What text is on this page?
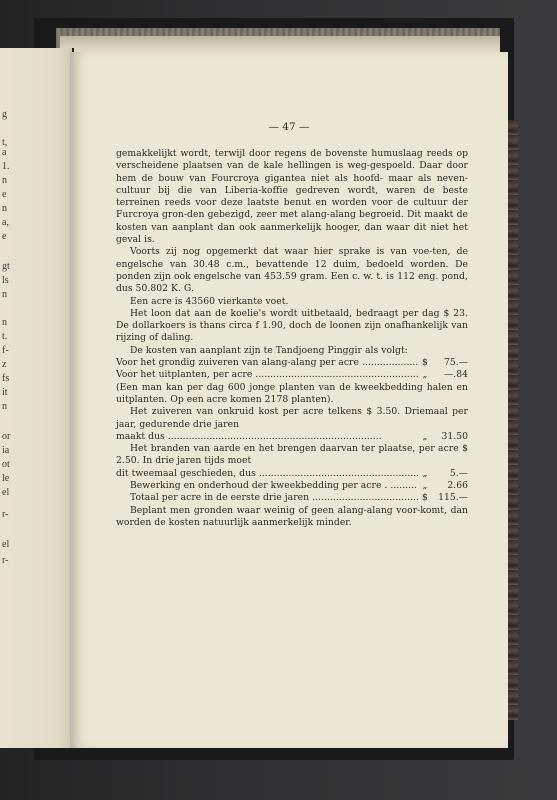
g
t,
a
1.
n
e
n
a,
e
gt
ls
n
n
t.
f-
z
fs
it
n
or
ia
ot
le
el
r-
el
r-
— 47 —

gemakkelijkt wordt, terwijl door regens de bovenste humuslaag reeds op verscheidene plaatsen van de kale hellingen is weg-gespoeld. Daar door hem de bouw van Fourcroya gigantea niet als hoofd- maar als neven-cultuur bij die van Liberia-koffie gedreven wordt, waren de beste terreinen reeds voor deze laatste benut en worden voor de cultuur der Furcroya gron-den gebezigd, zeer met alang-alang begroeid. Dit maakt de kosten van aanplant dan ook aanmerkelijk hooger, dan waar dit niet het geval is.

Voorts zij nog opgemerkt dat waar hier sprake is van voe-ten, de engelsche van 30.48 c.m., bevattende 12 duim, bedoeld worden. De ponden zijn ook engelsche van 453.59 gram. Een c. w. t. is 112 eng. pond, dus 50.802 K. G.

Een acre is 43560 vierkante voet.

Het loon dat aan de koelie's wordt uitbetaald, bedraagt per dag $ 23. De dollarkoers is thans circa f 1.90, doch de loonen zijn onafhankelijk van rijzing of daling.

De kosten van aanplant zijn te Tandjoeng Pinggir als volgt:

Voor het grondig zuiveren van alang-alang per acre .....	$	75.—
Voor het uitplanten, per acre .....	„	—.84

(Een man kan per dag 600 jonge planten van de kweekbedding halen en uitplanten. Op een acre komen 2178 planten).

Het zuiveren van onkruid kost per acre telkens $ 3.50. Driemaal per jaar, gedurende drie jaren

maakt dus .....	„	31.50

Het branden van aarde en het brengen daarvan ter plaatse, per acre $ 2.50. In drie jaren tijds moet

dit tweemaal geschieden, dus .....	„	5.—
Bewerking en onderhoud der kweekbedding per acre . .....	„	2.66
Totaal per acre in de eerste drie jaren .....	$	115.—

Beplant men gronden waar weinig of geen alang-alang voor-komt, dan worden de kosten natuurlijk aanmerkelijk minder.
